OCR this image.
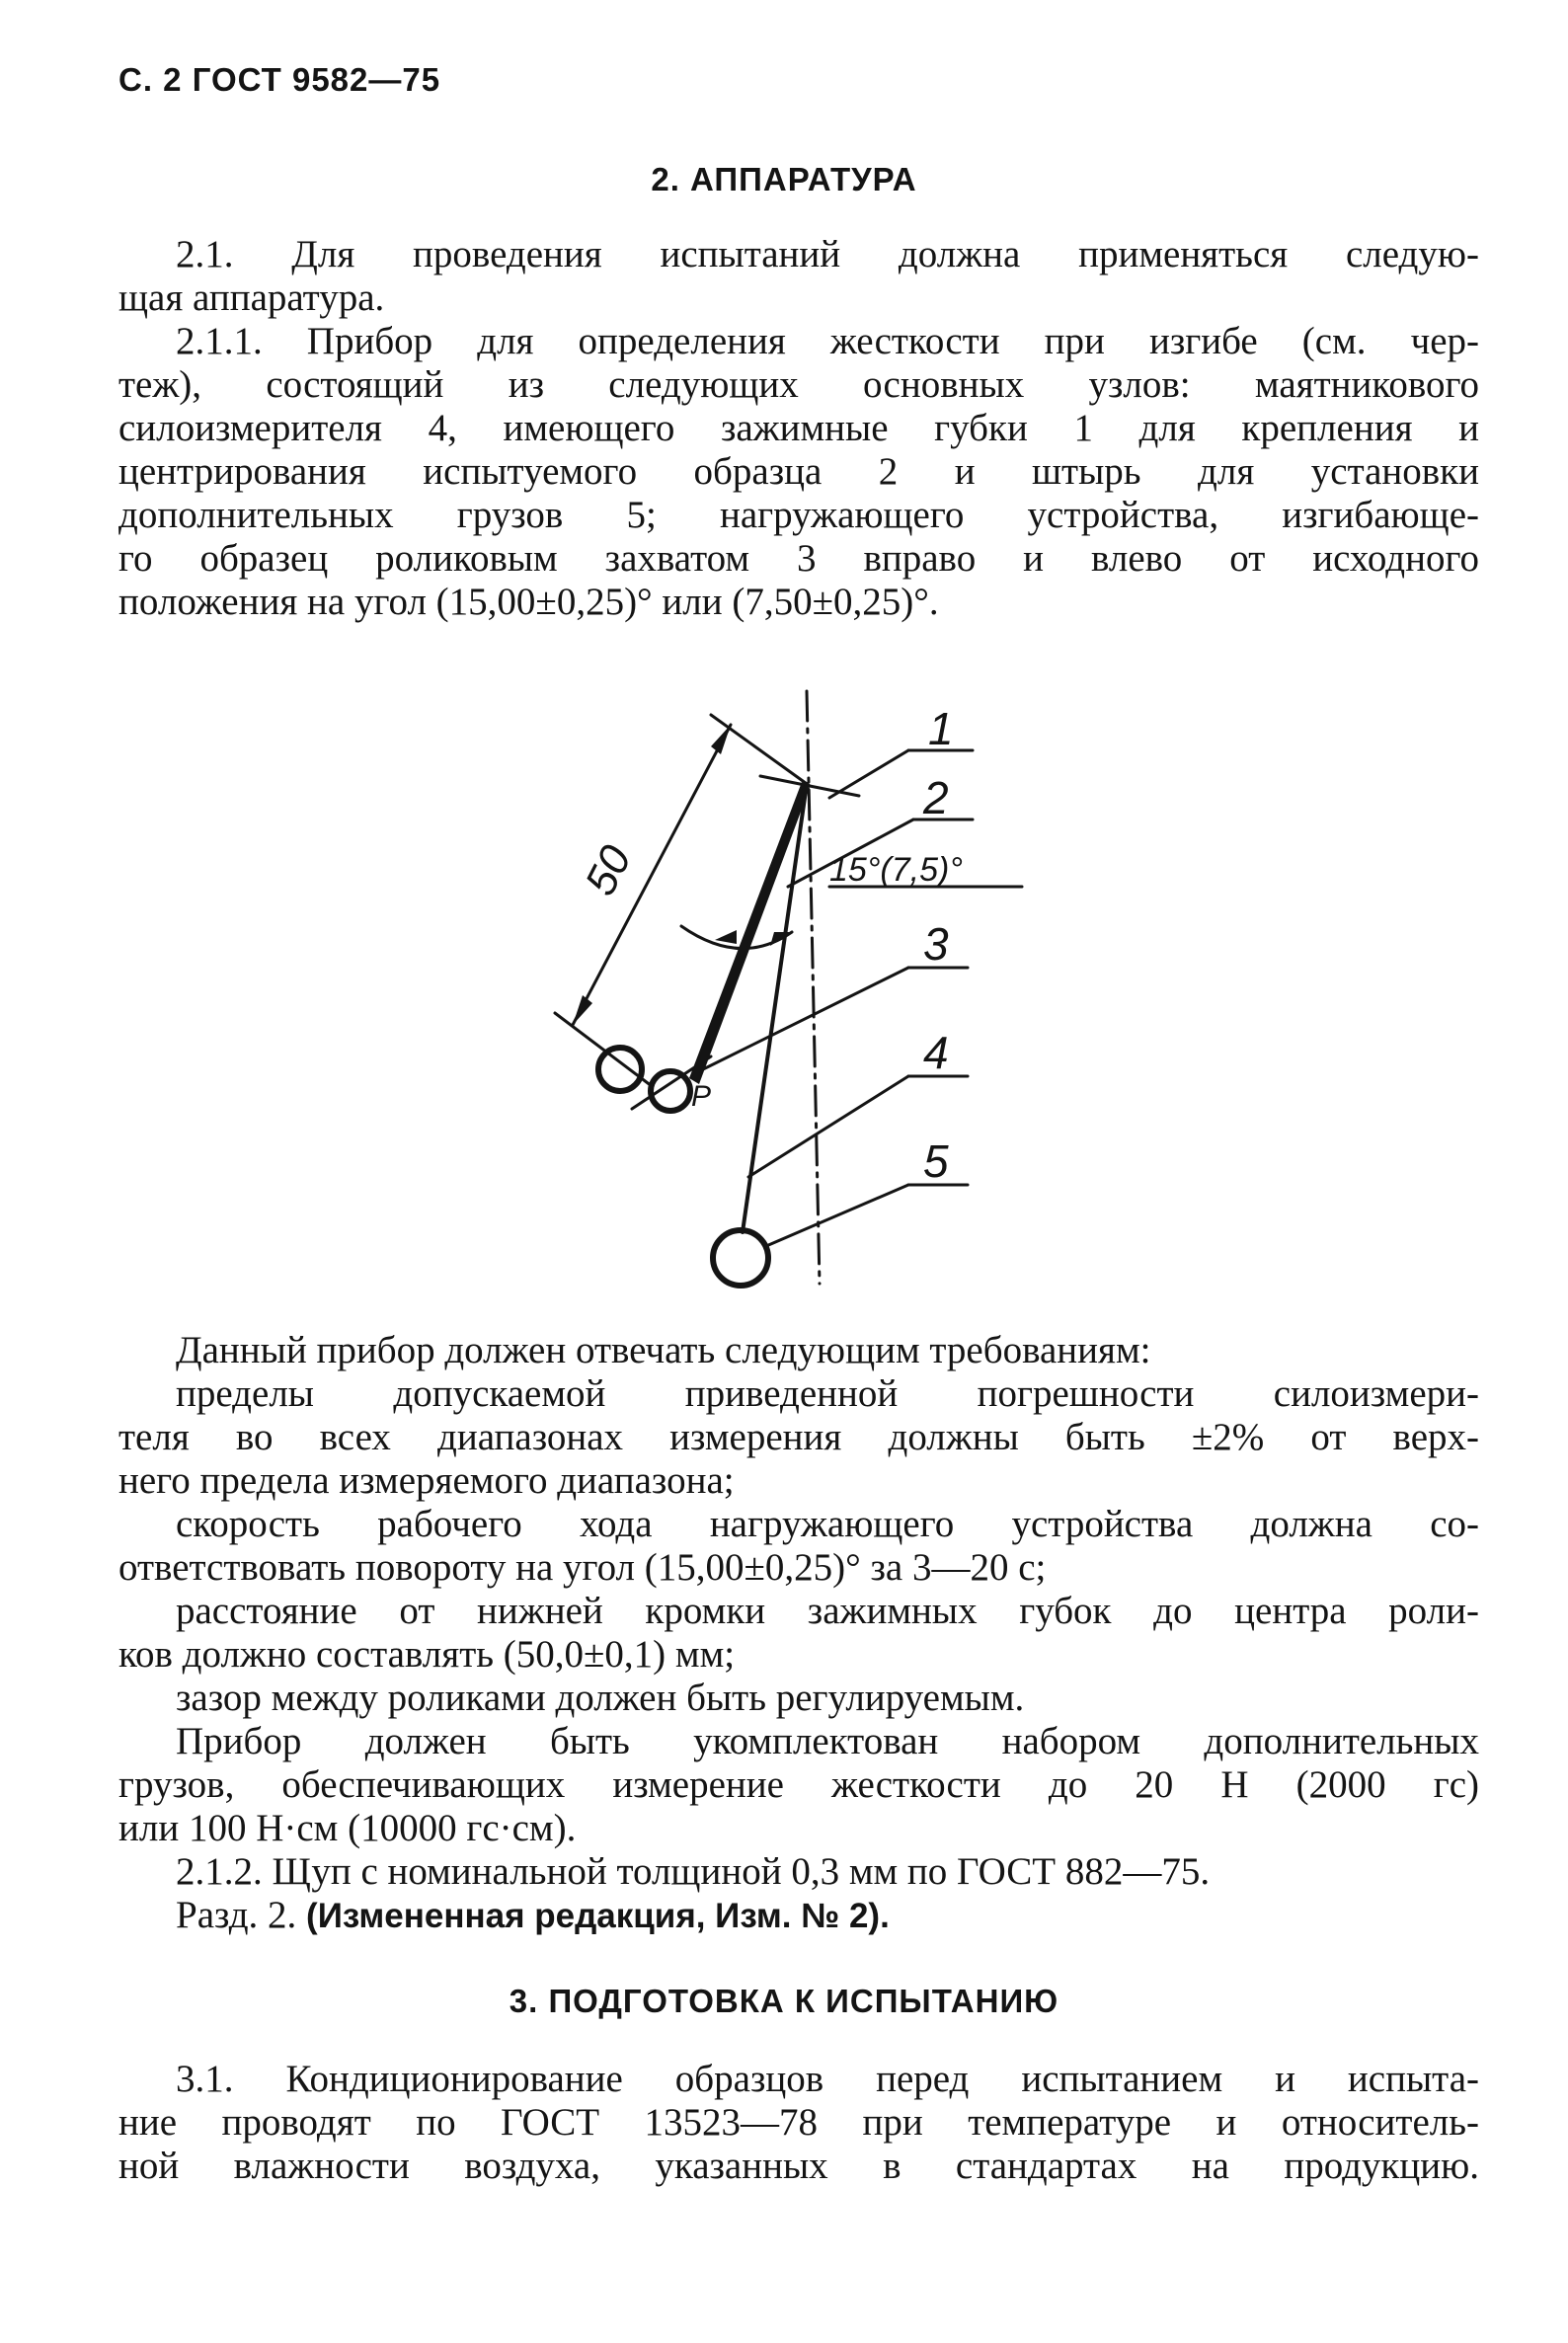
С. 2 ГОСТ 9582—75
2. АППАРАТУРА
2.1. Для проведения испытаний должна применяться следую-
щая аппаратура.
2.1.1. Прибор для определения жесткости при изгибе (см. чер-
теж), состоящий из следующих основных узлов: маятникового
силоизмерителя 4, имеющего зажимные губки 1 для крепления и
центрирования испытуемого образца 2 и штырь для установки
дополнительных грузов 5; нагружающего устройства, изгибающе-
го образец роликовым захватом 3 вправо и влево от исходного
положения на угол (15,00±0,25)° или (7,50±0,25)°.
50	15°(7,5)°
P
1
2
3
4
5
Данный прибор должен отвечать следующим требованиям:
пределы допускаемой приведенной погрешности силоизмери-
теля во всех диапазонах измерения должны быть ±2% от верх-
него предела измеряемого диапазона;
скорость рабочего хода нагружающего устройства должна со-
ответствовать повороту на угол (15,00±0,25)° за 3—20 с;
расстояние от нижней кромки зажимных губок до центра роли-
ков должно составлять (50,0±0,1) мм;
зазор между роликами должен быть регулируемым.
Прибор должен быть укомплектован набором дополнительных
грузов, обеспечивающих измерение жесткости до 20 Н (2000 гс)
или 100 Н·см (10000 гс·см).
2.1.2. Щуп с номинальной толщиной 0,3 мм по ГОСТ 882—75.
Разд. 2. (Измененная редакция, Изм. № 2).
3. ПОДГОТОВКА К ИСПЫТАНИЮ
3.1. Кондиционирование образцов перед испытанием и испыта-
ние проводят по ГОСТ 13523—78 при температуре и относитель-
ной влажности воздуха, указанных в стандартах на продукцию.
